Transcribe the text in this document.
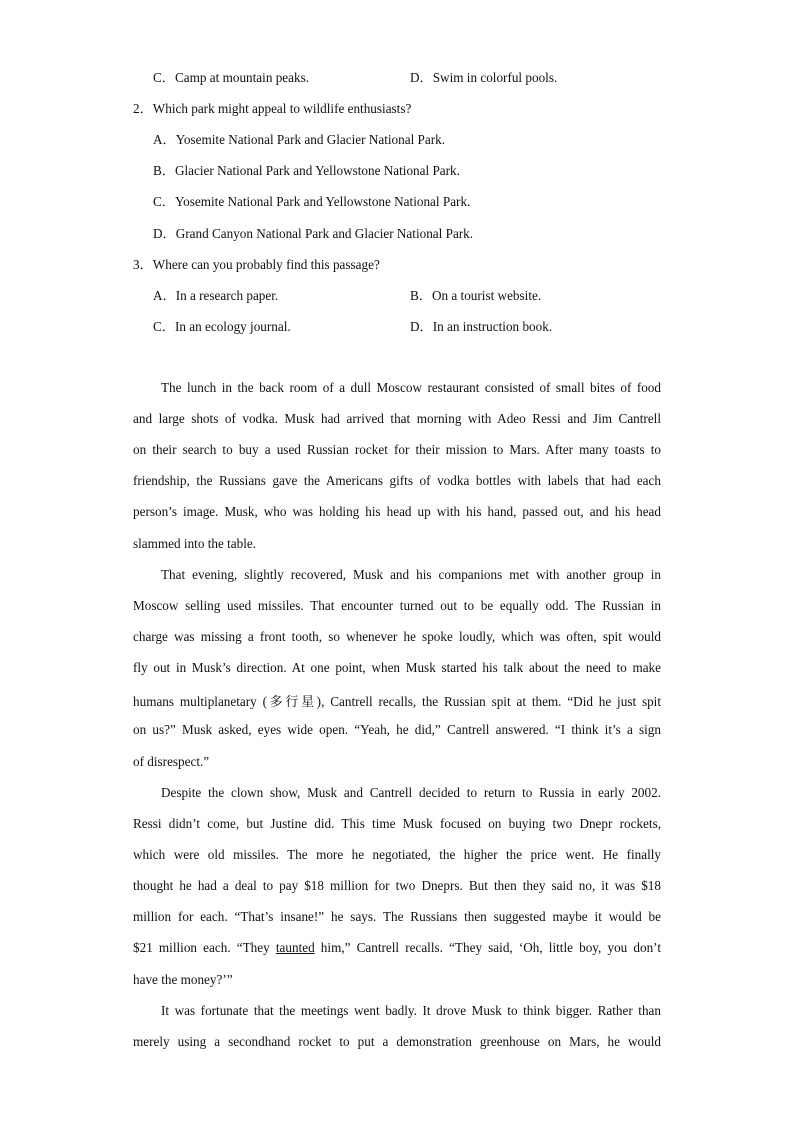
C．Camp at mountain peaks.	D．Swim in colorful pools.
2．Which park might appeal to wildlife enthusiasts?
A．Yosemite National Park and Glacier National Park.
B．Glacier National Park and Yellowstone National Park.
C．Yosemite National Park and Yellowstone National Park.
D．Grand Canyon National Park and Glacier National Park.
3．Where can you probably find this passage?
A．In a research paper.	B．On a tourist website.
C．In an ecology journal.	D．In an instruction book.
The lunch in the back room of a dull Moscow restaurant consisted of small bites of food
and large shots of vodka. Musk had arrived that morning with Adeo Ressi and Jim Cantrell
on their search to buy a used Russian rocket for their mission to Mars. After many toasts to
friendship, the Russians gave the Americans gifts of vodka bottles with labels that had each
person’s image. Musk, who was holding his head up with his hand, passed out, and his head
slammed into the table.
That evening, slightly recovered, Musk and his companions met with another group in
Moscow selling used missiles. That encounter turned out to be equally odd. The Russian in
charge was missing a front tooth, so whenever he spoke loudly, which was often, spit would
fly out in Musk’s direction. At one point, when Musk started his talk about the need to make
humans multiplanetary (多行星), Cantrell recalls, the Russian spit at them. “Did he just spit
on us?” Musk asked, eyes wide open. “Yeah, he did,” Cantrell answered. “I think it’s a sign
of disrespect.”
Despite the clown show, Musk and Cantrell decided to return to Russia in early 2002.
Ressi didn’t come, but Justine did. This time Musk focused on buying two Dnepr rockets,
which were old missiles. The more he negotiated, the higher the price went. He finally
thought he had a deal to pay $18 million for two Dneprs. But then they said no, it was $18
million for each. “That’s insane!” he says. The Russians then suggested maybe it would be
$21 million each. “They taunted him,” Cantrell recalls. “They said, ‘Oh, little boy, you don’t
have the money?’”
It was fortunate that the meetings went badly. It drove Musk to think bigger. Rather than
merely using a secondhand rocket to put a demonstration greenhouse on Mars, he would
